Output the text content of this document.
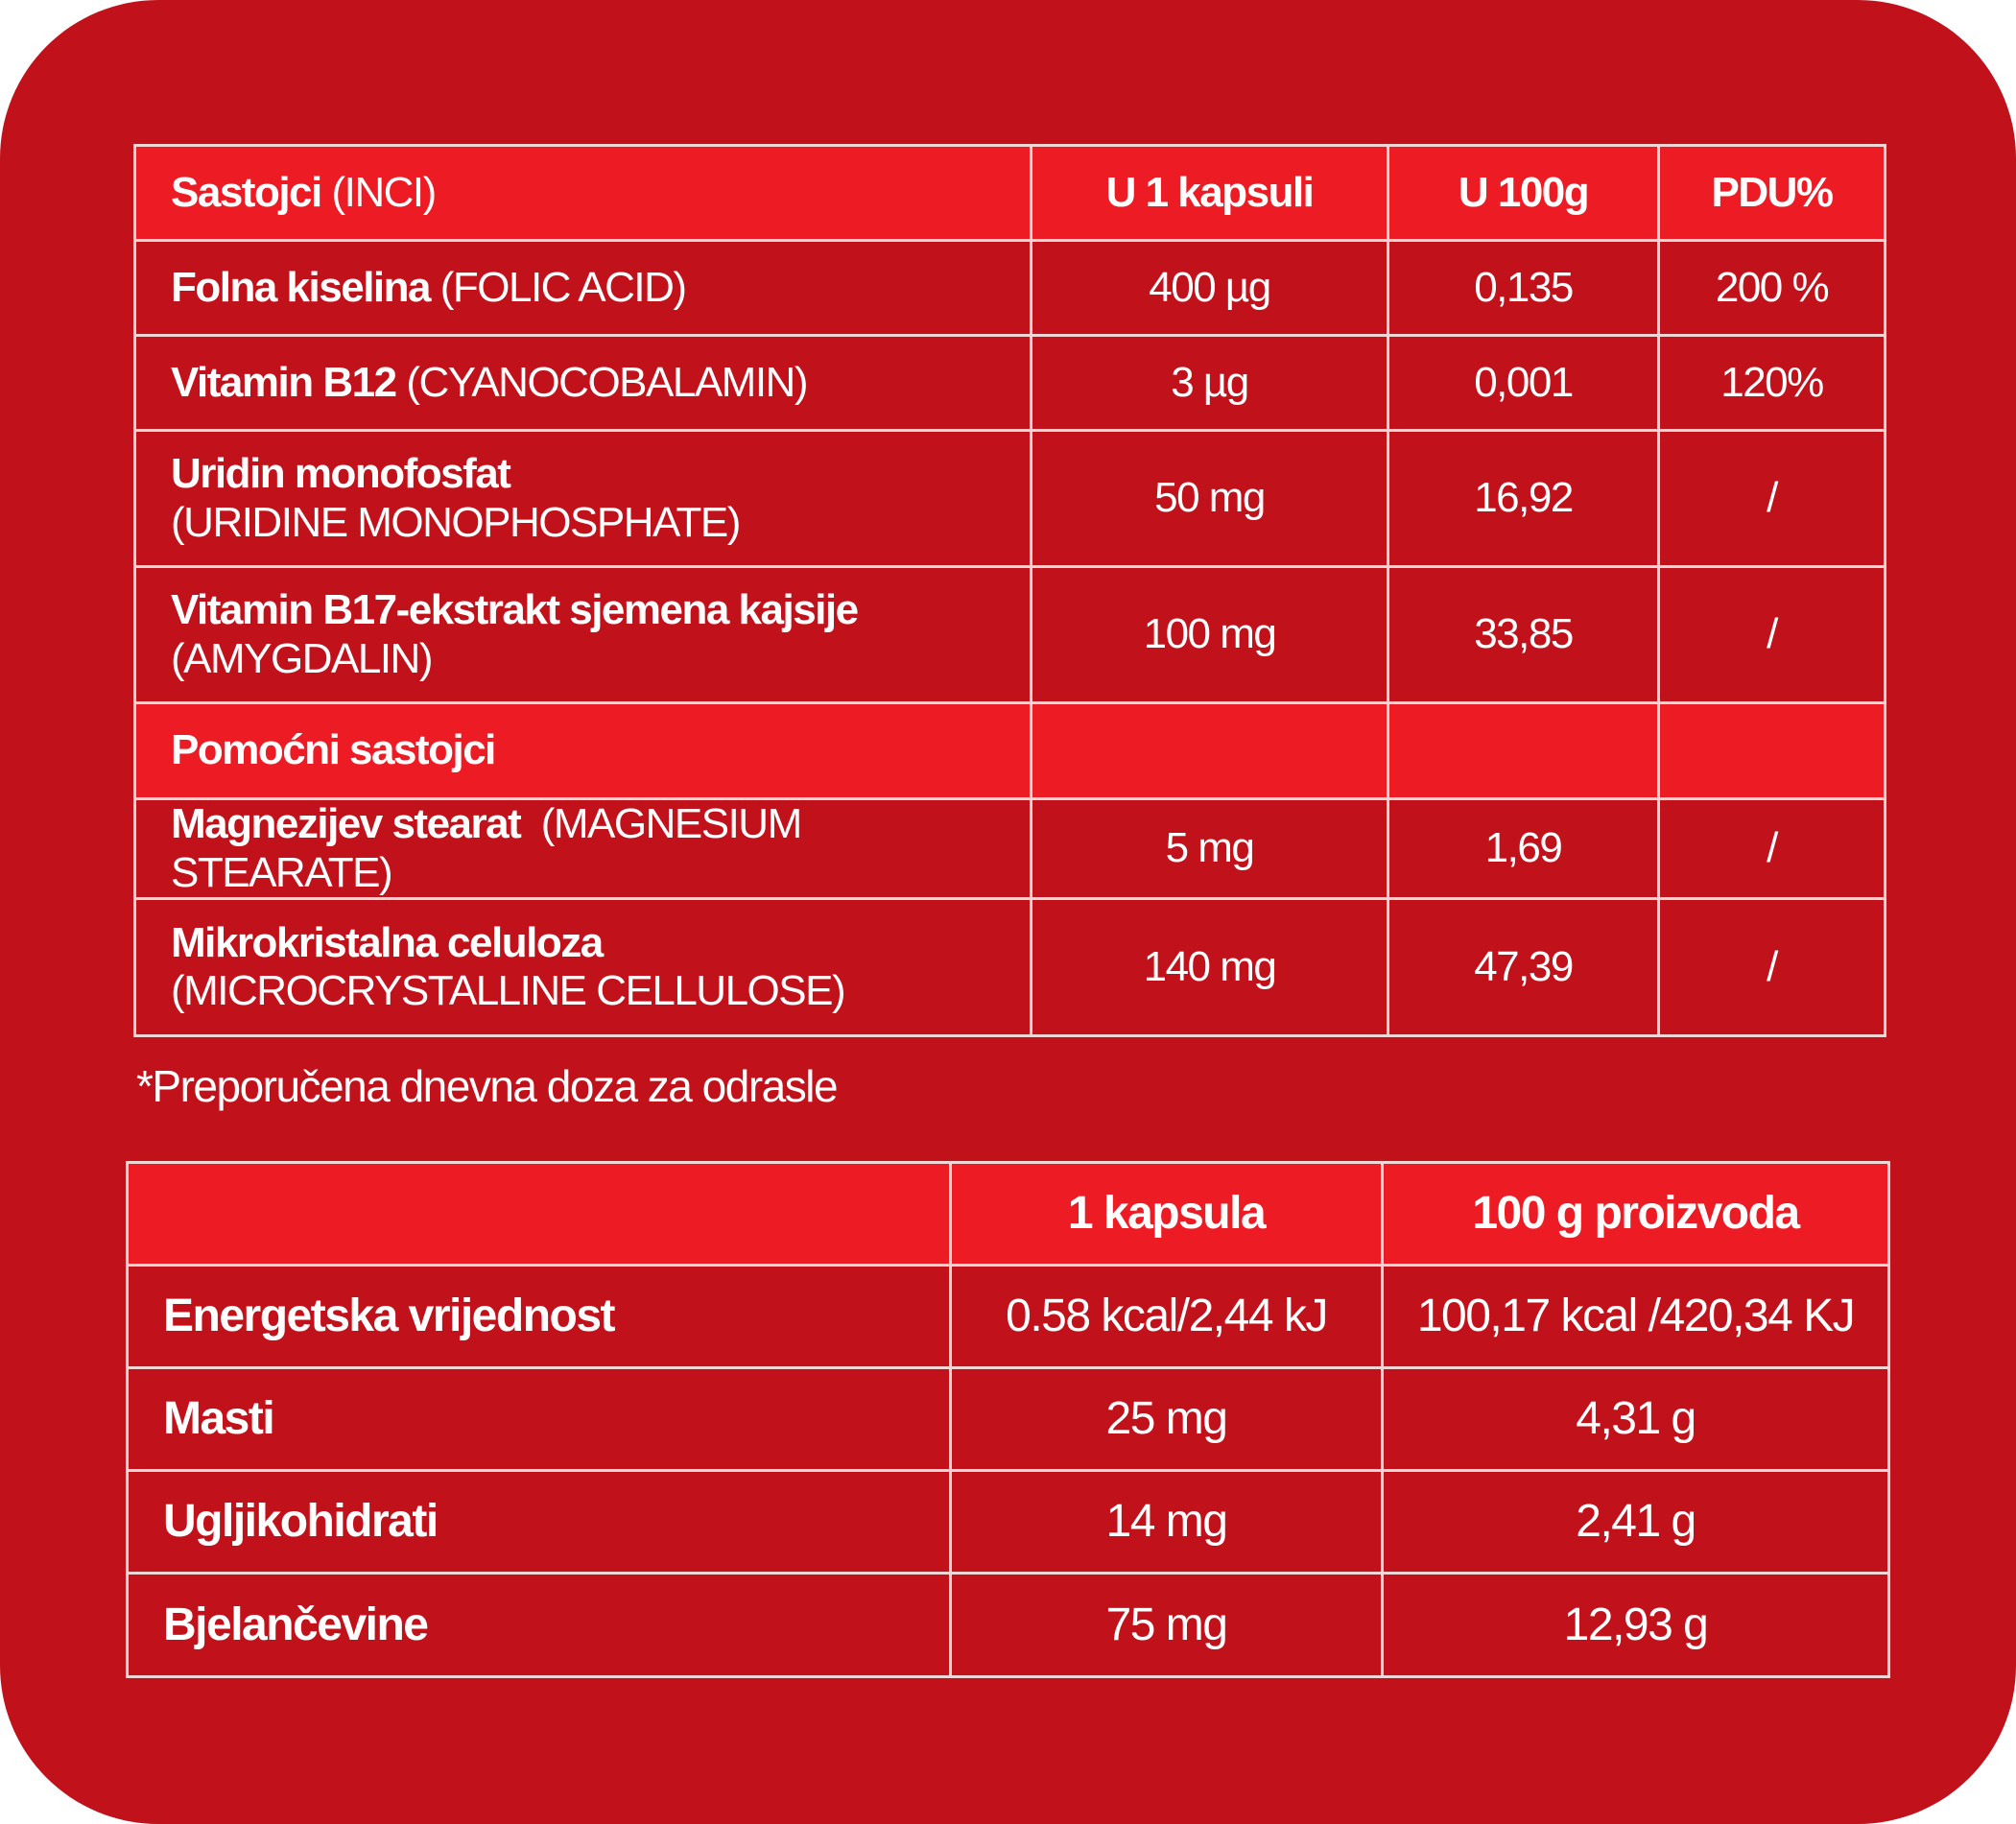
Sastojci (INCI)	U 1 kapsuli	U 100g	PDU%
Folna kiselina (FOLIC ACID)	400 µg	0,135	200 %
Vitamin B12 (CYANOCOBALAMIN)	3 µg	0,001	120%
Uridin monofosfat
(URIDINE MONOPHOSPHATE)	50 mg	16,92	/
Vitamin B17-ekstrakt sjemena kajsije
(AMYGDALIN)	100 mg	33,85	/
Pomoćni sastojci			
Magnezijev stearat (MAGNESIUM STEARATE)	5 mg	1,69	/
Mikrokristalna celuloza
(MICROCRYSTALLINE CELLULOSE)	140 mg	47,39	/
*Preporučena dnevna doza za odrasle
	1 kapsula	100 g proizvoda
Energetska vrijednost	0.58 kcal/2,44 kJ	100,17 kcal /420,34 KJ
Masti	25 mg	4,31 g
Ugljikohidrati	14 mg	2,41 g
Bjelančevine	75 mg	12,93 g
